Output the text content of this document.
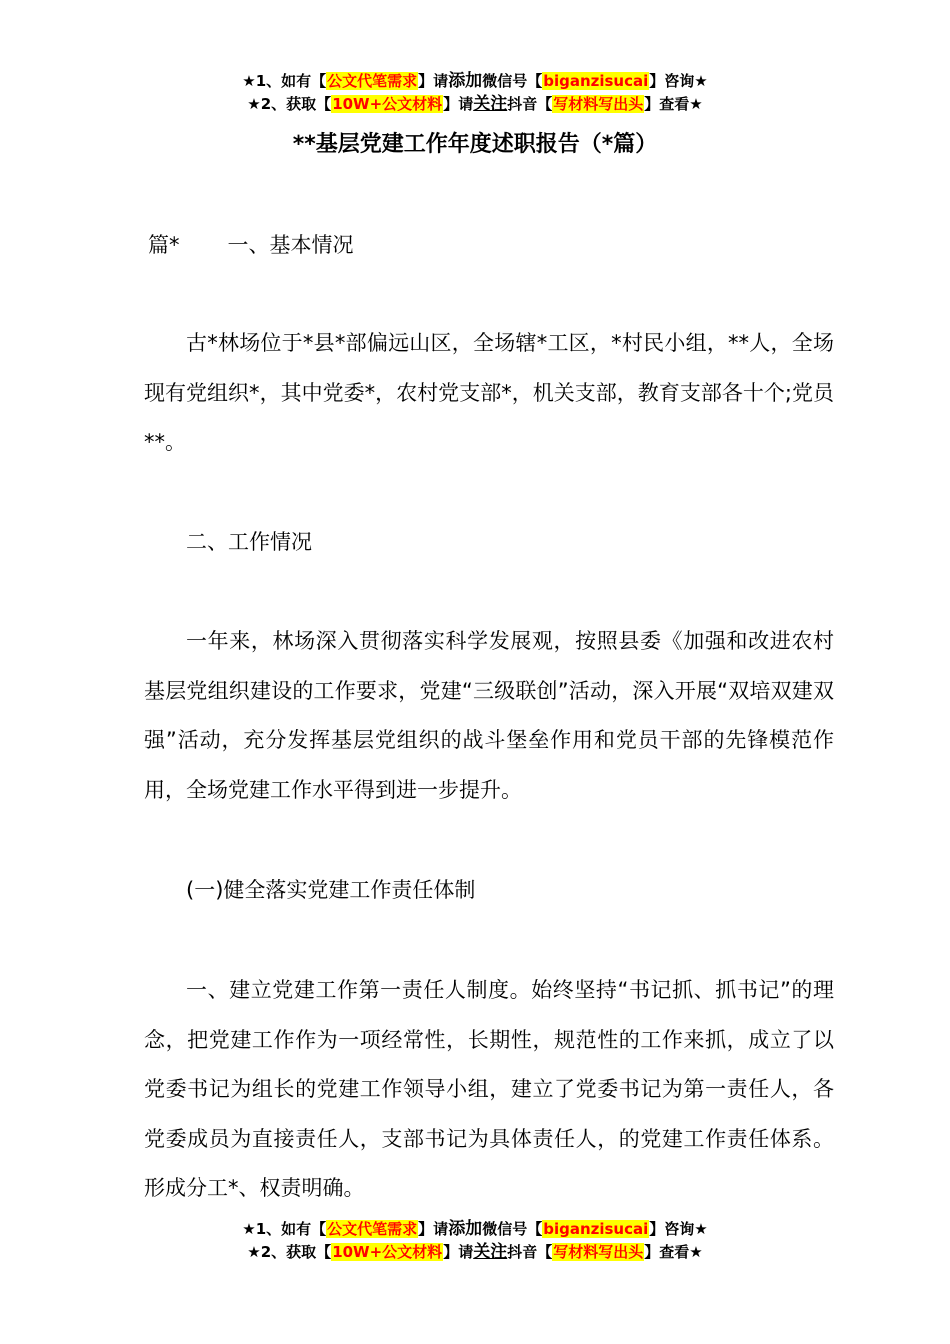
★1、如有【公文代笔需求】请添加微信号【biganzisucai】咨询★
★2、获取【10W+公文材料】请关注抖音【写材料写出头】查看★
**基层党建工作年度述职报告（*篇）
篇* 一、基本情况
古*林场位于*县*部偏远山区，全场辖*工区，*村民小组，**人，全场现有党组织*，其中党委*，农村党支部*，机关支部，教育支部各十个;党员**。
二、工作情况
一年来，林场深入贯彻落实科学发展观，按照县委《加强和改进农村基层党组织建设的工作要求，党建“三级联创”活动，深入开展“双培双建双强”活动，充分发挥基层党组织的战斗堡垒作用和党员干部的先锋模范作用，全场党建工作水平得到进一步提升。
(一)健全落实党建工作责任体制
一、建立党建工作第一责任人制度。始终坚持“书记抓、抓书记”的理念，把党建工作作为一项经常性，长期性，规范性的工作来抓，成立了以党委书记为组长的党建工作领导小组，建立了党委书记为第一责任人，各党委成员为直接责任人，支部书记为具体责任人，的党建工作责任体系。形成分工*、权责明确。
★1、如有【公文代笔需求】请添加微信号【biganzisucai】咨询★
★2、获取【10W+公文材料】请关注抖音【写材料写出头】查看★
